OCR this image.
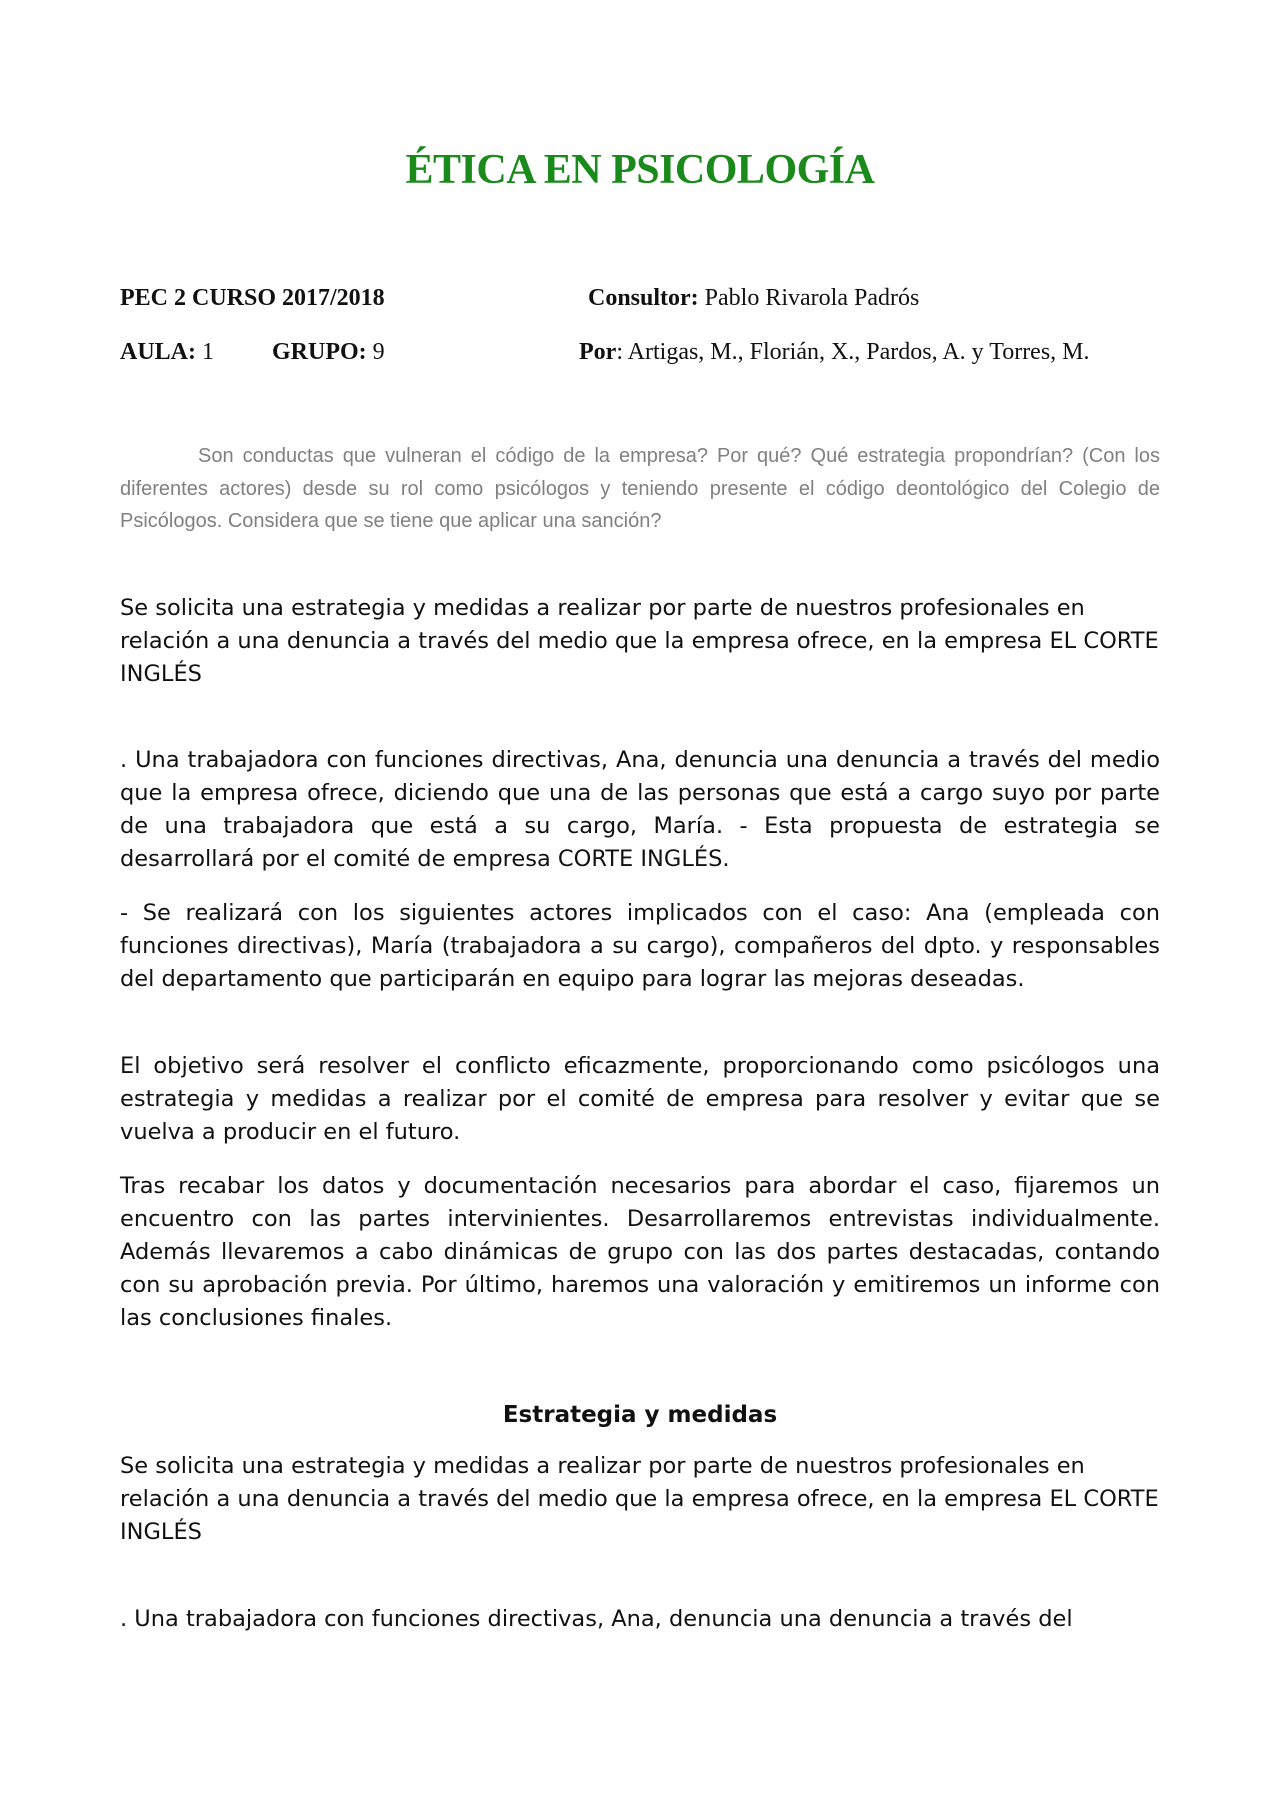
ÉTICA EN PSICOLOGÍA
PEC 2 CURSO 2017/2018	Consultor: Pablo Rivarola Padrós
AULA: 1 GRUPO: 9	Por: Artigas, M., Florián, X., Pardos, A. y Torres, M.

Son conductas que vulneran el código de la empresa? Por qué? Qué estrategia propondrían? (Con los diferentes actores) desde su rol como psicólogos y teniendo presente el código deontológico del Colegio de Psicólogos. Considera que se tiene que aplicar una sanción?

Se solicita una estrategia y medidas a realizar por parte de nuestros profesionales en relación a una denuncia a través del medio que la empresa ofrece, en la empresa EL CORTE INGLÉS

. Una trabajadora con funciones directivas, Ana, denuncia una denuncia a través del medio que la empresa ofrece, diciendo que una de las personas que está a cargo suyo por parte de una trabajadora que está a su cargo, María. - Esta propuesta de estrategia se desarrollará por el comité de empresa CORTE INGLÉS.

- Se realizará con los siguientes actores implicados con el caso: Ana (empleada con funciones directivas), María (trabajadora a su cargo), compañeros del dpto. y responsables del departamento que participarán en equipo para lograr las mejoras deseadas.

El objetivo será resolver el conflicto eficazmente, proporcionando como psicólogos una estrategia y medidas a realizar por el comité de empresa para resolver y evitar que se vuelva a producir en el futuro.

Tras recabar los datos y documentación necesarios para abordar el caso, fijaremos un encuentro con las partes intervinientes. Desarrollaremos entrevistas individualmente. Además llevaremos a cabo dinámicas de grupo con las dos partes destacadas, contando con su aprobación previa. Por último, haremos una valoración y emitiremos un informe con las conclusiones finales.

Estrategia y medidas

Se solicita una estrategia y medidas a realizar por parte de nuestros profesionales en relación a una denuncia a través del medio que la empresa ofrece, en la empresa EL CORTE INGLÉS

. Una trabajadora con funciones directivas, Ana, denuncia una denuncia a través del
